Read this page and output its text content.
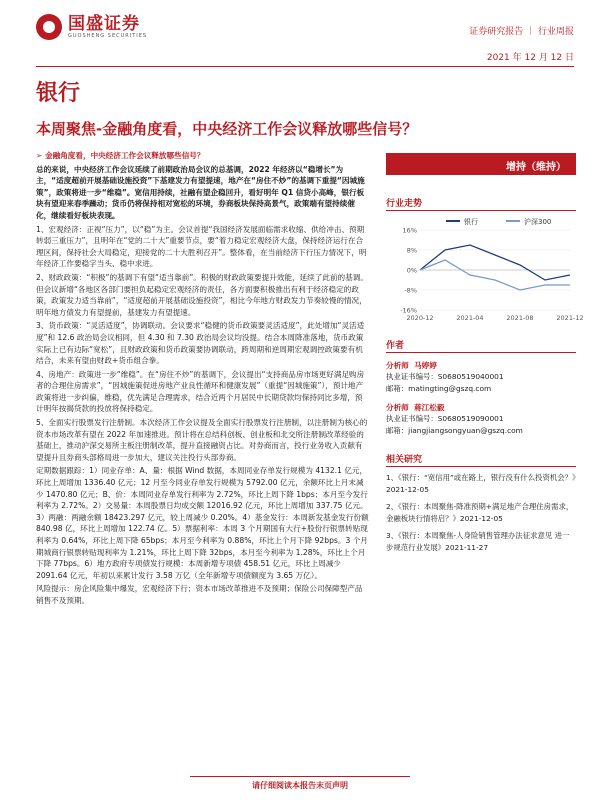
国盛证券
GUOSHENG SECURITIES	证券研究报告 ｜ 行业周报
2021 年 12 月 12 日
银行
本周聚焦-金融角度看，中央经济工作会议释放哪些信号？

➢ 金融角度看，中央经济工作会议释放哪些信号？

总的来说，中央经济工作会议延续了前期政治局会议的总基调，2022 年经济以“稳增长”为主，“适度超前开展基础设施投资”下基建发力有望提速，地产在“房住不炒”的基调下重提“因城施策”，政策将进一步“维稳”。宽信用持续，社融有望企稳回升，看好明年 Q1 信贷小高峰，银行板块有望迎来春季躁动；货币仍将保持相对宽松的环境，券商板块保持高景气，政策端有望持续催化，继续看好板块表现。

1、宏观经济：正视“压力”，以“稳”为主。会议首提“我国经济发展面临需求收缩、供给冲击、预期转弱三重压力”，且明年在“党的二十大”重要节点，要“着力稳定宏观经济大盘，保持经济运行在合理区间，保持社会大局稳定，迎接党的二十大胜利召开”。整体看，在当前经济下行压力情况下，明年经济工作要稳字当头、稳中求进。

2、财政政策：“积极”的基调下有望“适当靠前”。积极的财政政策要提升效能，延续了此前的基调。但会议新增“各地区各部门要担负起稳定宏观经济的责任，各方面要积极推出有利于经济稳定的政策，政策发力适当靠前”，“适度超前开展基础设施投资”，相比今年地方财政发力节奏较慢的情况，明年地方债发力有望提前，基建发力有望提速。

3、货币政策：“灵活适度”，协调联动。会议要求“稳健的货币政策要灵活适度”，此处增加“灵活适度”和 12.6 政治局会议相同，但 4.30 和 7.30 政治局会议均没提。结合本周降准落地，货币政策实际上已有边际“宽松”，且财政政策和货币政策要协调联动，跨周期和逆周期宏观调控政策要有机结合，未来有望由财政+货币组合拳。

4、房地产：政策进一步“维稳”。在“房住不炒”的基调下，会议提出“支持商品房市场更好满足购房者的合理住房需求”，“因城施策促进房地产业良性循环和健康发展”（重提“因城施策”），预计地产政策将进一步纠偏，维稳，优先满足合理需求，结合近两个月居民中长期贷款均保持同比多增，预计明年按揭贷款的投放将保持稳定。

5、全面实行股票发行注册制。本次经济工作会议提及全面实行股票发行注册制，以注册制为核心的资本市场改革有望在 2022 年加速推进。预计将在总结科创板、创业板和北交所注册制改革经验的基础上，推动沪深交易所主板注册制改革，提升直接融资占比。对券商而言，投行业务收入贡献有望提升且券商头部格局进一步加大，建议关注投行头部券商。

定期数据跟踪：1）同业存单：A、量：根据 Wind 数据，本周同业存单发行规模为 4132.1 亿元，环比上周增加 1336.40 亿元；12 月至今同业存单发行规模为 5792.00 亿元，余额环比上月末减少 1470.80 亿元；B、价：本周同业存单发行利率为 2.72%，环比上周下降 1bps；本月至今发行利率为 2.72%。2）交易量：本周股票日均成交额 12016.92 亿元，环比上周增加 337.75 亿元。3）两融：两融余额 18423.297 亿元，较上周减少 0.20%。4）基金发行：本周新发基金发行份额 840.98 亿，环比上周增加 122.74 亿。5）票据利率：本周 3 个月期国有大行+股份行银票转贴现利率为 0.64%，环比上周下降 65bps；本月至今利率为 0.88%，环比上个月下降 92bps。3 个月期城商行银票转贴现利率为 1.21%，环比上周下降 32bps，本月至今利率为 1.28%，环比上个月下降 77bps。6）地方政府专项债发行规模：本周新增专项债 458.51 亿元，环比上周减少 2091.64 亿元，年初以来累计发行 3.58 万亿（全年新增专项债额度为 3.65 万亿）。

风险提示：房企风险集中爆发，宏观经济下行；资本市场改革推进不及预期；保险公司保障型产品销售不及预期。

增持（维持）
行业走势
银行	沪深300
16%
8%
0%
-8%
-16%
2020-12	2021-04	2021-08	2021-12
作者
分析师 马婷婷
执业证书编号：S0680519040001
邮箱：matingting@gszq.com
分析师 蒋江松毅
执业证书编号：S0680519090001
邮箱：jiangjiangsongyuan@gszq.com
相关研究
1、《银行：“宽信用”或在路上，银行没有什么投资机会？》2021-12-05
2、《银行：本周聚焦-降准预期+满足地产合理住房需求，金融板块行情将启？》2021-12-05
3、《银行：本周聚焦-人身险销售管理办法征求意见 进一步规范行业发展》2021-11-27
请仔细阅读本报告末页声明
